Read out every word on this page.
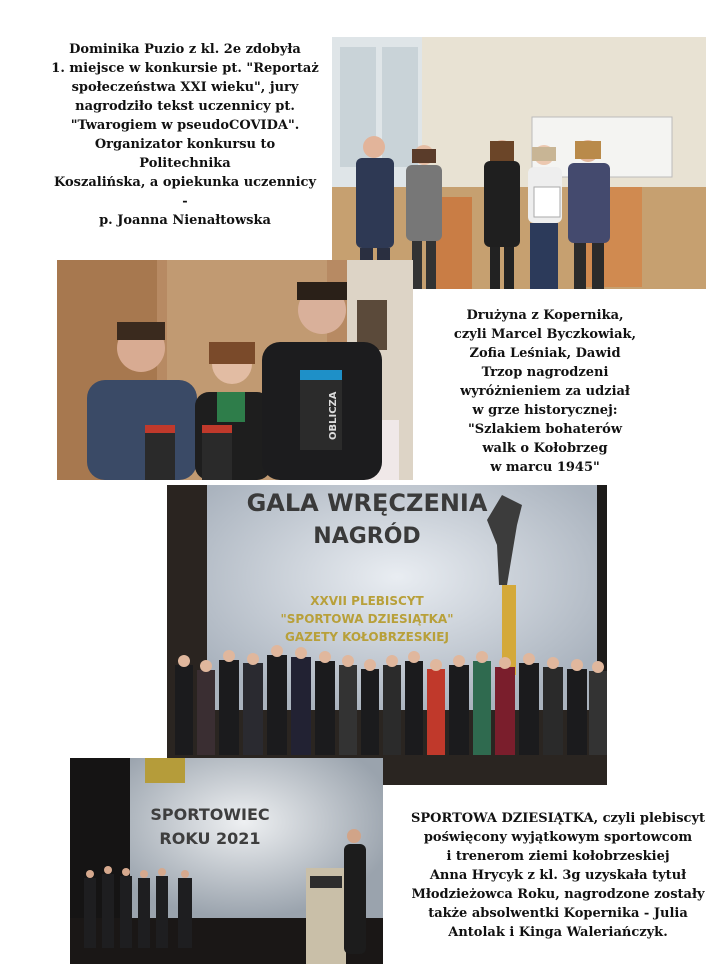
Dominika Puzio z kl. 2e zdobyła
1. miejsce w konkursie pt. "Reportaż
społeczeństwa XXI wieku", jury
nagrodziło tekst uczennicy pt.
"Twarogiem w pseudoCOVIDA".
Organizator konkursu to Politechnika
Koszalińska, a opiekunka uczennicy -
p. Joanna Nienałtowska
OBLICZA
Drużyna z Kopernika,
czyli Marcel Byczkowiak,
Zofia Leśniak, Dawid
Trzop nagrodzeni
wyróżnieniem za udział
w grze historycznej:
"Szlakiem bohaterów
walk o Kołobrzeg
w marcu 1945"
GALA WRĘCZENIA
NAGRÓD
XXVII PLEBISCYT
"SPORTOWA DZIESIĄTKA"
GAZETY KOŁOBRZESKIEJ
SPORTOWIEC
ROKU 2021
SPORTOWA DZIESIĄTKA, czyli plebiscyt
poświęcony wyjątkowym sportowcom
i trenerom ziemi kołobrzeskiej
Anna Hrycyk z kl. 3g uzyskała tytuł
Młodzieżowca Roku, nagrodzone zostały
także absolwentki Kopernika - Julia
Antolak i Kinga Waleriańczyk.
